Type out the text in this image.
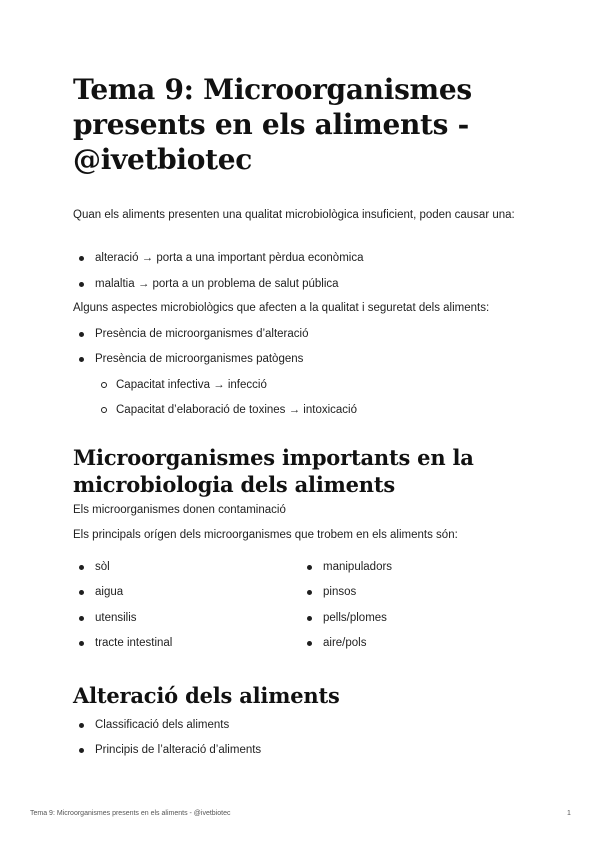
Tema 9: Microorganismes presents en els aliments - @ivetbiotec

Quan els aliments presenten una qualitat microbiològica insuficient, poden causar una:

alteració → porta a una important pèrdua econòmica
malaltia → porta a un problema de salut pública

Alguns aspectes microbiològics que afecten a la qualitat i seguretat dels aliments:

Presència de microorganismes d’alteració
Presència de microorganismes patògens
Capacitat infectiva → infecció
Capacitat d’elaboració de toxines → intoxicació
Microorganismes importants en la microbiologia dels aliments

Els microorganismes donen contaminació

Els principals orígen dels microorganismes que trobem en els aliments són:

sòl
aigua
utensilis
tracte intestinal
manipuladors
pinsos
pells/plomes
aire/pols
Alteració dels aliments
Classificació dels aliments
Principis de l’alteració d’aliments
Tema 9: Microorganismes presents en els aliments - @ivetbiotec	1
